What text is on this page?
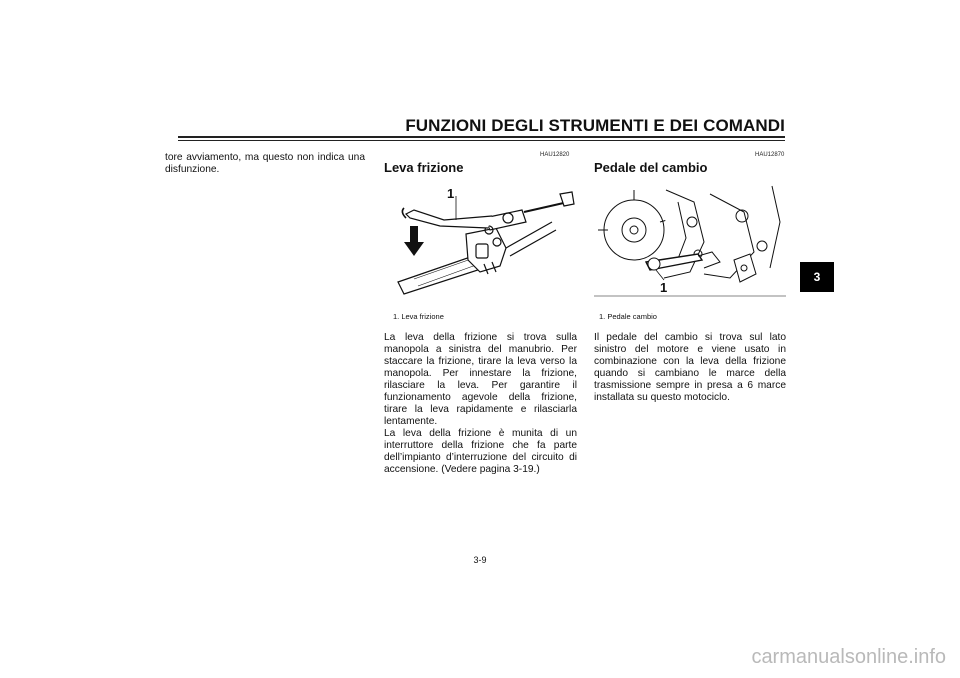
FUNZIONI DEGLI STRUMENTI E DEI COMANDI

tore avviamento, ma questo non indica una disfunzione.

HAU12820
Leva frizione
1
1. Leva frizione

La leva della frizione si trova sulla manopola a sinistra del manubrio. Per staccare la frizione, tirare la leva verso la manopola. Per innestare la frizione, rilasciare la leva. Per garantire il funzionamento agevole della frizione, tirare la leva rapidamente e rilasciarla lentamente.

La leva della frizione è munita di un interruttore della frizione che fa parte dell’impianto d’interruzione del circuito di accensione. (Vedere pagina 3-19.)

HAU12870
Pedale del cambio
1
1. Pedale cambio

Il pedale del cambio si trova sul lato sinistro del motore e viene usato in combinazione con la leva della frizione quando si cambiano le marce della trasmissione sempre in presa a 6 marce installata su questo motociclo.

3
3-9
carmanualsonline.info
